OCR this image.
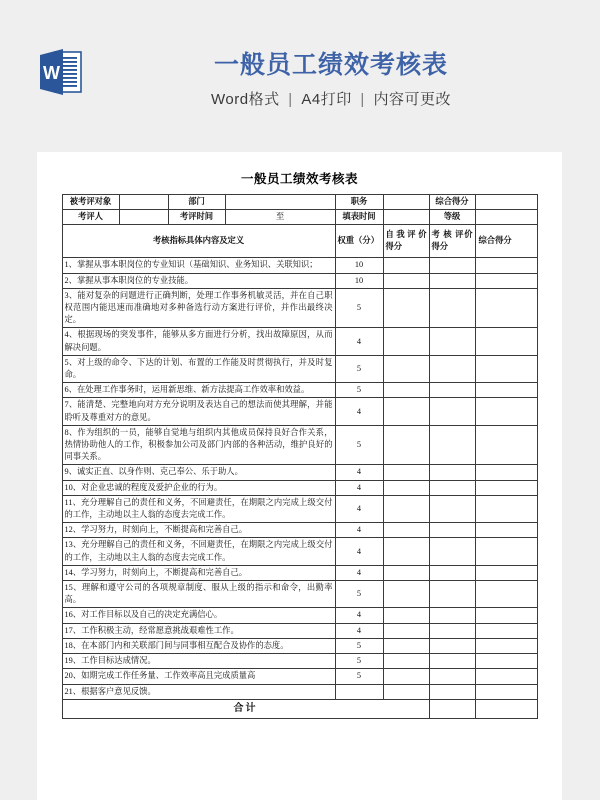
W	一般员工绩效考核表
Word格式 | A4打印 | 内容可更改
一般员工绩效考核表
被考评对象		部门		职务		综合得分	
考评人		考评时间	至	填表时间		等级	
考核指标具体内容及定义				权重（分）	自我评价得分	考 核 评价得分	综合得分
1、掌握从事本职岗位的专业知识（基础知识、业务知识、关联知识；				10			
2、掌握从事本职岗位的专业技能。				10			
3、能对复杂的问题进行正确判断，处理工作事务机敏灵活，并在自己职权范围内能迅速而准确地对多种备选行动方案进行评价，并作出最终决定。				5			
4、根据现场的突发事件，能够从多方面进行分析，找出故障原因，从而解决问题。				4			
5、对上级的命令、下达的计划、布置的工作能及时贯彻执行，并及时复命。				5			
6、在处理工作事务时，运用新思维、新方法提高工作效率和效益。				5			
7、能清楚、完整地向对方充分说明及表达自己的想法而使其理解，并能聆听及尊重对方的意见。				4			
8、作为组织的一员，能够自觉地与组织内其他成员保持良好合作关系，热情协助他人的工作，积极参加公司及部门内部的各种活动，维护良好的同事关系。				5			
9、诚实正直、以身作则、克己奉公、乐于助人。				4			
10、对企业忠诚的程度及爱护企业的行为。				4			
11、充分理解自己的责任和义务，不回避责任，在期限之内完成上级交付的工作，主动地以主人翁的态度去完成工作。				4			
12、学习努力，时刻向上，不断提高和完善自己。				4			
13、充分理解自己的责任和义务，不回避责任，在期限之内完成上级交付的工作，主动地以主人翁的态度去完成工作。				4			
14、学习努力，时刻向上，不断提高和完善自己。				4			
15、理解和遵守公司的各项规章制度、服从上级的指示和命令，出勤率高。				5			
16、对工作目标以及自己的决定充满信心。				4			
17、工作积极主动，经常愿意挑战艰难性工作。				4			
18、在本部门内和关联部门间与同事相互配合及协作的态度。				5			
19、工作目标达成情况。				5			
20、如期完成工作任务量、工作效率高且完成质量高				5			
21、根据客户意见反馈。							
合计							
